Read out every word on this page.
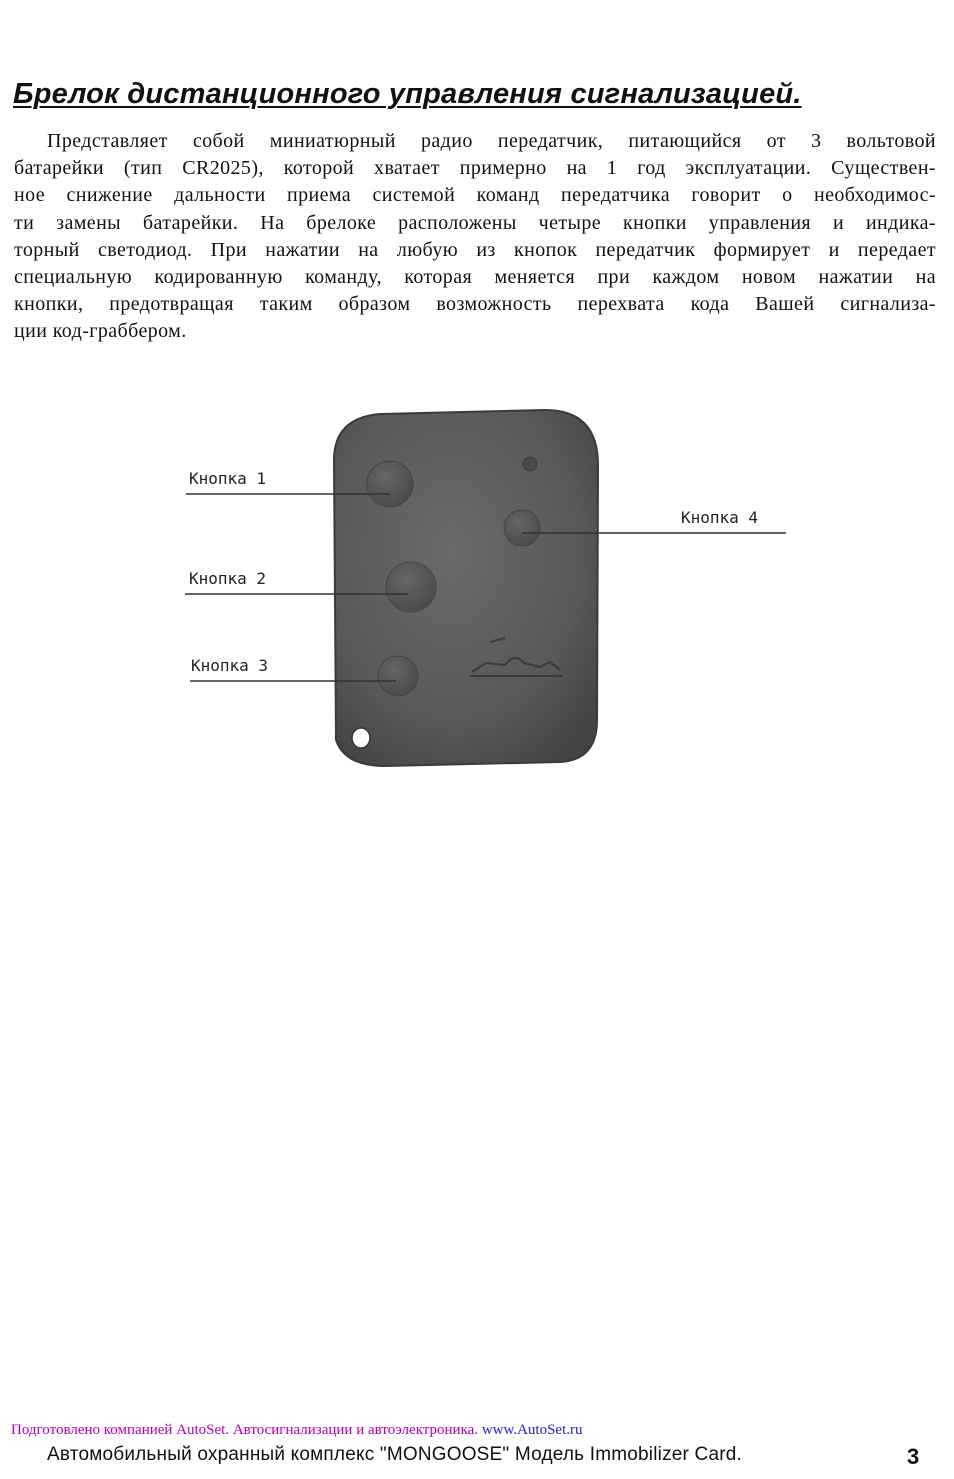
Брелок дистанционного управления сигнализацией.
Представляет собой миниатюрный радио передатчик, питающийся от 3 вольтовой
батарейки (тип CR2025), которой хватает примерно на 1 год эксплуатации. Существен-
ное снижение дальности приема системой команд передатчика говорит о необходимос-
ти замены батарейки. На брелоке расположены четыре кнопки управления и индика-
торный светодиод. При нажатии на любую из кнопок передатчик формирует и передает
специальную кодированную команду, которая меняется при каждом новом нажатии на
кнопки, предотвращая таким образом возможность перехвата кода Вашей сигнализа-
ции код-граббером.
Кнопка 1
Кнопка 2
Кнопка 3
Кнопка 4
Подготовлено компанией AutoSet. Автосигнализации и автоэлектроника. www.AutoSet.ru
Автомобильный охранный комплекс "MONGOOSE" Модель Immobilizer Card.	3
